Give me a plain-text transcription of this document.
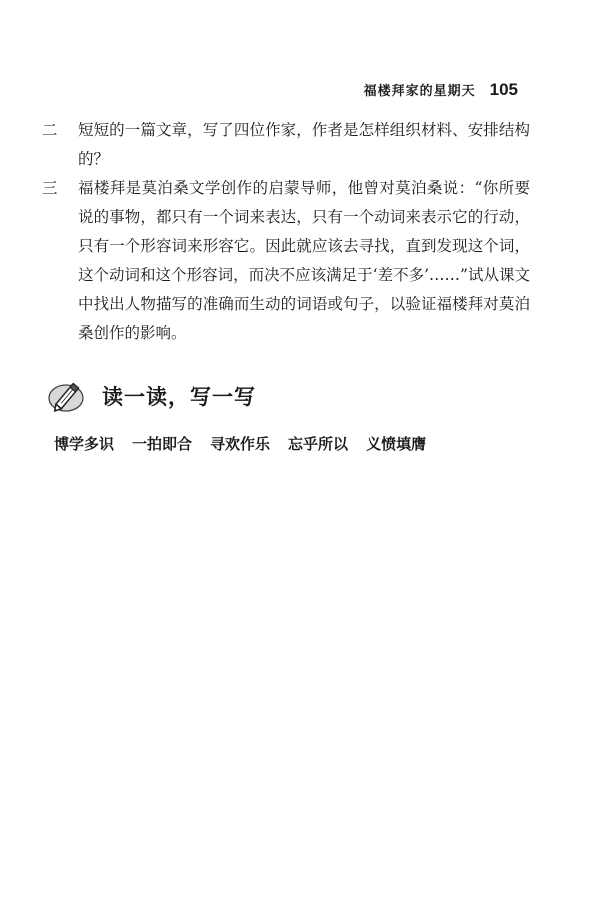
福楼拜家的星期天 105
二	短短的一篇文章，写了四位作家，作者是怎样组织材料、安排结构的？
三	福楼拜是莫泊桑文学创作的启蒙导师，他曾对莫泊桑说：“你所要说的事物，都只有一个词来表达，只有一个动词来表示它的行动，只有一个形容词来形容它。因此就应该去寻找，直到发现这个词，这个动词和这个形容词，而决不应该满足于‘差不多’……”试从课文中找出人物描写的准确而生动的词语或句子，以验证福楼拜对莫泊桑创作的影响。
读一读，写一写
博学多识 一拍即合 寻欢作乐 忘乎所以 义愤填膺
